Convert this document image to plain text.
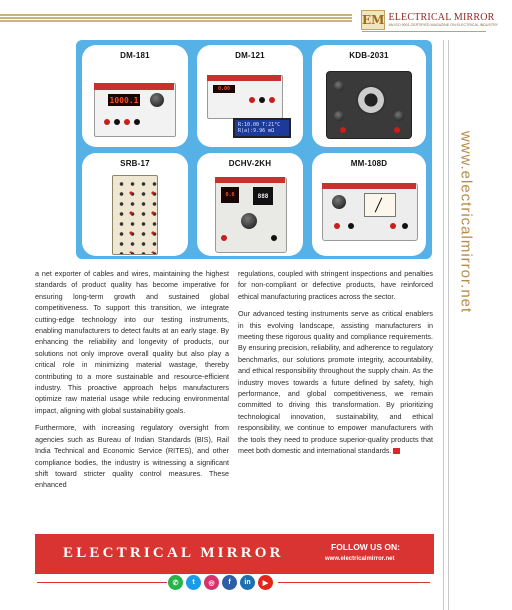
EM ELECTRICAL MIRROR
AN ISO 9001 CERTIFIED MAGAZINE ON ELECTRICAL INDUSTRY
www.electricalmirror.net
DM-181
1000.1
DM-121
0.00
R:10.00 T:21°C
R(a):9.96 mΩ
KDB-2031
SRB-17	DCHV-2KH
0.0	888
MM-108D

a net exporter of cables and wires, maintaining the highest standards of product quality has become imperative for ensuring long-term growth and sustained global competitiveness. To support this transition, we integrate cutting-edge technology into our testing instruments, enabling manufacturers to detect faults at an early stage. By enhancing the reliability and longevity of products, our solutions not only improve overall quality but also play a critical role in minimizing material wastage, thereby contributing to a more sustainable and resource-efficient industry. This proactive approach helps manufacturers optimize raw material usage while reducing environmental impact, aligning with global sustainability goals.

Furthermore, with increasing regulatory oversight from agencies such as Bureau of Indian Standards (BIS), Rail India Technical and Economic Service (RITES), and other compliance bodies, the industry is witnessing a significant shift toward stricter quality control measures. These enhanced

regulations, coupled with stringent inspections and penalties for non-compliant or defective products, have reinforced ethical manufacturing practices across the sector.

Our advanced testing instruments serve as critical enablers in this evolving landscape, assisting manufacturers in meeting these rigorous quality and compliance requirements. By ensuring precision, reliability, and adherence to regulatory benchmarks, our solutions promote integrity, accountability, and ethical responsibility throughout the supply chain. As the industry moves towards a future defined by safety, high performance, and global competitiveness, we remain committed to driving this transformation. By prioritizing technological innovation, sustainability, and ethical responsibility, we continue to empower manufacturers with the tools they need to produce superior-quality products that meet both domestic and international standards.

ELECTRICAL MIRROR	FOLLOW US ON:
www.electricalmirror.net
✆	t	◎	f	in	▶
